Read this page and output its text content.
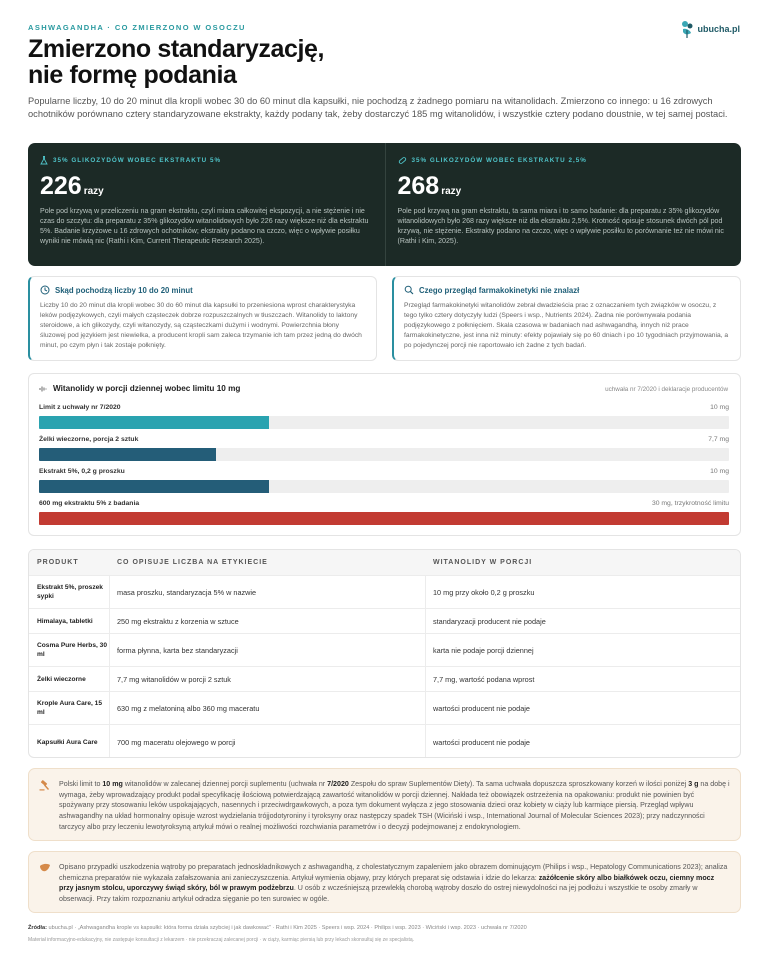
ASHWAGANDHA · CO ZMIERZONO W OSOCZU	ubucha.pl
Zmierzono standaryzację,
nie formę podania

Popularne liczby, 10 do 20 minut dla kropli wobec 30 do 60 minut dla kapsułki, nie pochodzą z żadnego pomiaru na witanolidach. Zmierzono co innego: u 16 zdrowych ochotników porównano cztery standaryzowane ekstrakty, każdy podany tak, żeby dostarczyć 185 mg witanolidów, i wszystkie cztery podano doustnie, w tej samej postaci.

35% GLIKOZYDÓW WOBEC EKSTRAKTU 5%
226 razy

Pole pod krzywą w przeliczeniu na gram ekstraktu, czyli miara całkowitej ekspozycji, a nie stężenie i nie czas do szczytu: dla preparatu z 35% glikozydów witanolidowych było 226 razy większe niż dla ekstraktu 5%. Badanie krzyżowe u 16 zdrowych ochotników; ekstrakty podano na czczo, więc o wpływie posiłku wyniki nie mówią nic (Rathi i Kim, Current Therapeutic Research 2025).

35% GLIKOZYDÓW WOBEC EKSTRAKTU 2,5%
268 razy

Pole pod krzywą na gram ekstraktu, ta sama miara i to samo badanie: dla preparatu z 35% glikozydów witanolidowych było 268 razy większe niż dla ekstraktu 2,5%. Krotność opisuje stosunek dwóch pól pod krzywą, nie stężenie. Ekstrakty podano na czczo, więc o wpływie posiłku to porównanie też nie mówi nic (Rathi i Kim, 2025).

Skąd pochodzą liczby 10 do 20 minut

Liczby 10 do 20 minut dla kropli wobec 30 do 60 minut dla kapsułki to przeniesiona wprost charakterystyka leków podjęzykowych, czyli małych cząsteczek dobrze rozpuszczalnych w tłuszczach. Witanolidy to laktony steroidowe, a ich glikozydy, czyli witanozydy, są cząsteczkami dużymi i wodnymi. Powierzchnia błony śluzowej pod językiem jest niewielka, a producent kropli sam zaleca trzymanie ich tam przez jedną do dwóch minut, po czym płyn i tak zostaje połknięty.

Czego przegląd farmakokinetyki nie znalazł

Przegląd farmakokinetyki witanolidów zebrał dwadzieścia prac z oznaczaniem tych związków w osoczu, z tego tylko cztery dotyczyły ludzi (Speers i wsp., Nutrients 2024). Żadna nie porównywała podania podjęzykowego z połknięciem. Skala czasowa w badaniach nad ashwagandhą, innych niż prace farmakokinetyczne, jest inna niż minuty: efekty pojawiały się po 60 dniach i po 10 tygodniach przyjmowania, a po pojedynczej porcji nie raportowało ich żadne z tych badań.

Witanolidy w porcji dziennej wobec limitu 10 mg	uchwała nr 7/2020 i deklaracje producentów
Limit z uchwały nr 7/2020	10 mg
Żelki wieczorne, porcja 2 sztuk	7,7 mg
Ekstrakt 5%, 0,2 g proszku	10 mg
600 mg ekstraktu 5% z badania	30 mg, trzykrotność limitu
PRODUKT	CO OPISUJE LICZBA NA ETYKIECIE	WITANOLIDY W PORCJI
Ekstrakt 5%, proszek sypki	masa proszku, standaryzacja 5% w nazwie	10 mg przy około 0,2 g proszku
Himalaya, tabletki	250 mg ekstraktu z korzenia w sztuce	standaryzacji producent nie podaje
Cosma Pure Herbs, 30 ml	forma płynna, karta bez standaryzacji	karta nie podaje porcji dziennej
Żelki wieczorne	7,7 mg witanolidów w porcji 2 sztuk	7,7 mg, wartość podana wprost
Krople Aura Care, 15 ml	630 mg z melatoniną albo 360 mg maceratu	wartości producent nie podaje
Kapsułki Aura Care	700 mg maceratu olejowego w porcji	wartości producent nie podaje
Polski limit to 10 mg witanolidów w zalecanej dziennej porcji suplementu (uchwała nr 7/2020 Zespołu do spraw Suplementów Diety). Ta sama uchwała dopuszcza sproszkowany korzeń w ilości poniżej 3 g na dobę i wymaga, żeby wprowadzający produkt podał specyfikację ilościową potwierdzającą zawartość witanolidów w porcji dziennej. Nakłada też obowiązek ostrzeżenia na opakowaniu: produkt nie powinien być spożywany przy stosowaniu leków uspokajających, nasennych i przeciwdrgawkowych, a poza tym dokument wyłącza z jego stosowania dzieci oraz kobiety w ciąży lub karmiące piersią. Przegląd wpływu ashwagandhy na układ hormonalny opisuje wzrost wydzielania trójjodotyroniny i tyroksyny oraz następczy spadek TSH (Wiciński i wsp., International Journal of Molecular Sciences 2023); przy nadczynności tarczycy albo przy leczeniu lewotyroksyną artykuł mówi o realnej możliwości rozchwiania parametrów i o decyzji podejmowanej z endokrynologiem.
Opisano przypadki uszkodzenia wątroby po preparatach jednoskładnikowych z ashwagandhą, z cholestatycznym zapaleniem jako obrazem dominującym (Philips i wsp., Hepatology Communications 2023); analiza chemiczna preparatów nie wykazała zafałszowania ani zanieczyszczenia. Artykuł wymienia objawy, przy których preparat się odstawia i idzie do lekarza: zażółcenie skóry albo białkówek oczu, ciemny mocz przy jasnym stolcu, uporczywy świąd skóry, ból w prawym podżebrzu. U osób z wcześniejszą przewlekłą chorobą wątroby doszło do ostrej niewydolności na jej podłożu i wszystkie te osoby zmarły w obserwacji. Przy takim rozpoznaniu artykuł odradza sięganie po ten surowiec w ogóle.
Źródła: ubucha.pl · „Ashwagandha krople vs kapsułki: która forma działa szybciej i jak dawkować” · Rathi i Kim 2025 · Speers i wsp. 2024 · Philips i wsp. 2023 · Wiciński i wsp. 2023 · uchwała nr 7/2020
Materiał informacyjno-edukacyjny, nie zastępuje konsultacji z lekarzem · nie przekraczaj zalecanej porcji · w ciąży, karmiąc piersią lub przy lekach skonsultuj się ze specjalistą.
